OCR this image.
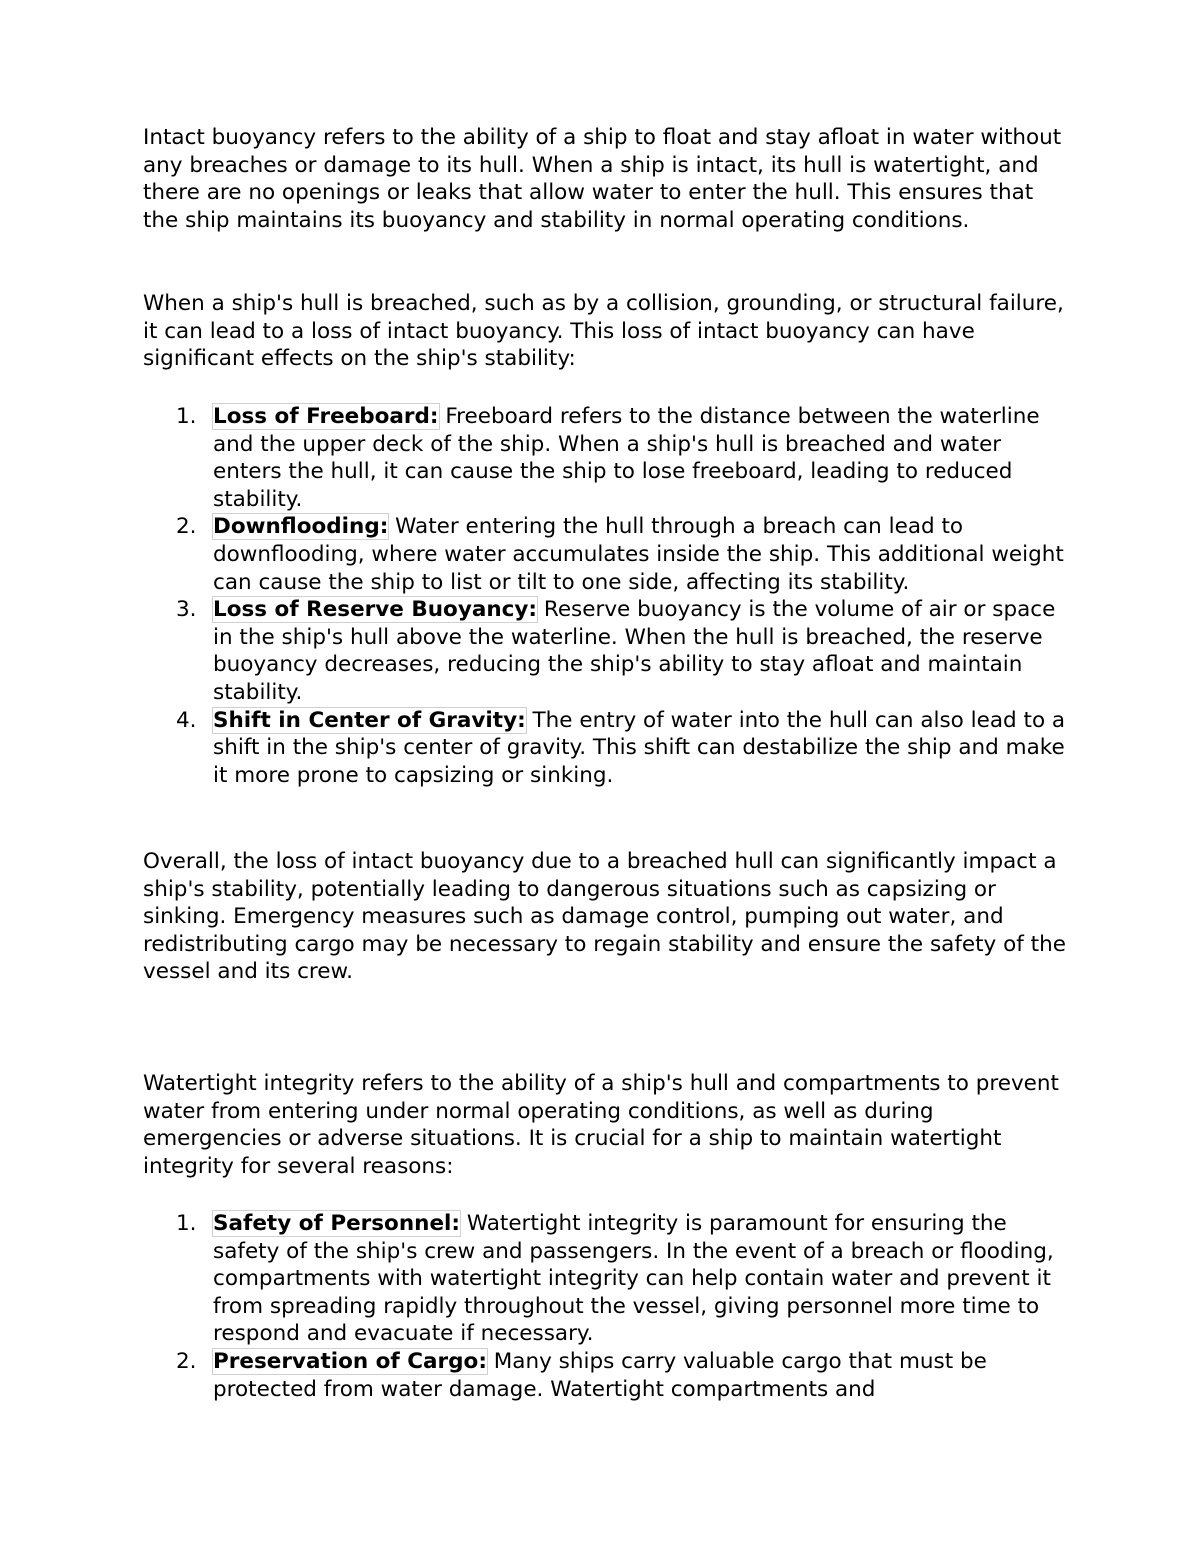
Intact buoyancy refers to the ability of a ship to float and stay afloat in water without any breaches or damage to its hull. When a ship is intact, its hull is watertight, and there are no openings or leaks that allow water to enter the hull. This ensures that the ship maintains its buoyancy and stability in normal operating conditions.

When a ship's hull is breached, such as by a collision, grounding, or structural failure, it can lead to a loss of intact buoyancy. This loss of intact buoyancy can have significant effects on the ship's stability:

1. Loss of Freeboard: Freeboard refers to the distance between the waterline and the upper deck of the ship. When a ship's hull is breached and water enters the hull, it can cause the ship to lose freeboard, leading to reduced stability.
2. Downflooding: Water entering the hull through a breach can lead to downflooding, where water accumulates inside the ship. This additional weight can cause the ship to list or tilt to one side, affecting its stability.
3. Loss of Reserve Buoyancy: Reserve buoyancy is the volume of air or space in the ship's hull above the waterline. When the hull is breached, the reserve buoyancy decreases, reducing the ship's ability to stay afloat and maintain stability.
4. Shift in Center of Gravity: The entry of water into the hull can also lead to a shift in the ship's center of gravity. This shift can destabilize the ship and make it more prone to capsizing or sinking.

Overall, the loss of intact buoyancy due to a breached hull can significantly impact a ship's stability, potentially leading to dangerous situations such as capsizing or sinking. Emergency measures such as damage control, pumping out water, and redistributing cargo may be necessary to regain stability and ensure the safety of the vessel and its crew.

Watertight integrity refers to the ability of a ship's hull and compartments to prevent water from entering under normal operating conditions, as well as during emergencies or adverse situations. It is crucial for a ship to maintain watertight integrity for several reasons:

1. Safety of Personnel: Watertight integrity is paramount for ensuring the safety of the ship's crew and passengers. In the event of a breach or flooding, compartments with watertight integrity can help contain water and prevent it from spreading rapidly throughout the vessel, giving personnel more time to respond and evacuate if necessary.
2. Preservation of Cargo: Many ships carry valuable cargo that must be protected from water damage. Watertight compartments and
